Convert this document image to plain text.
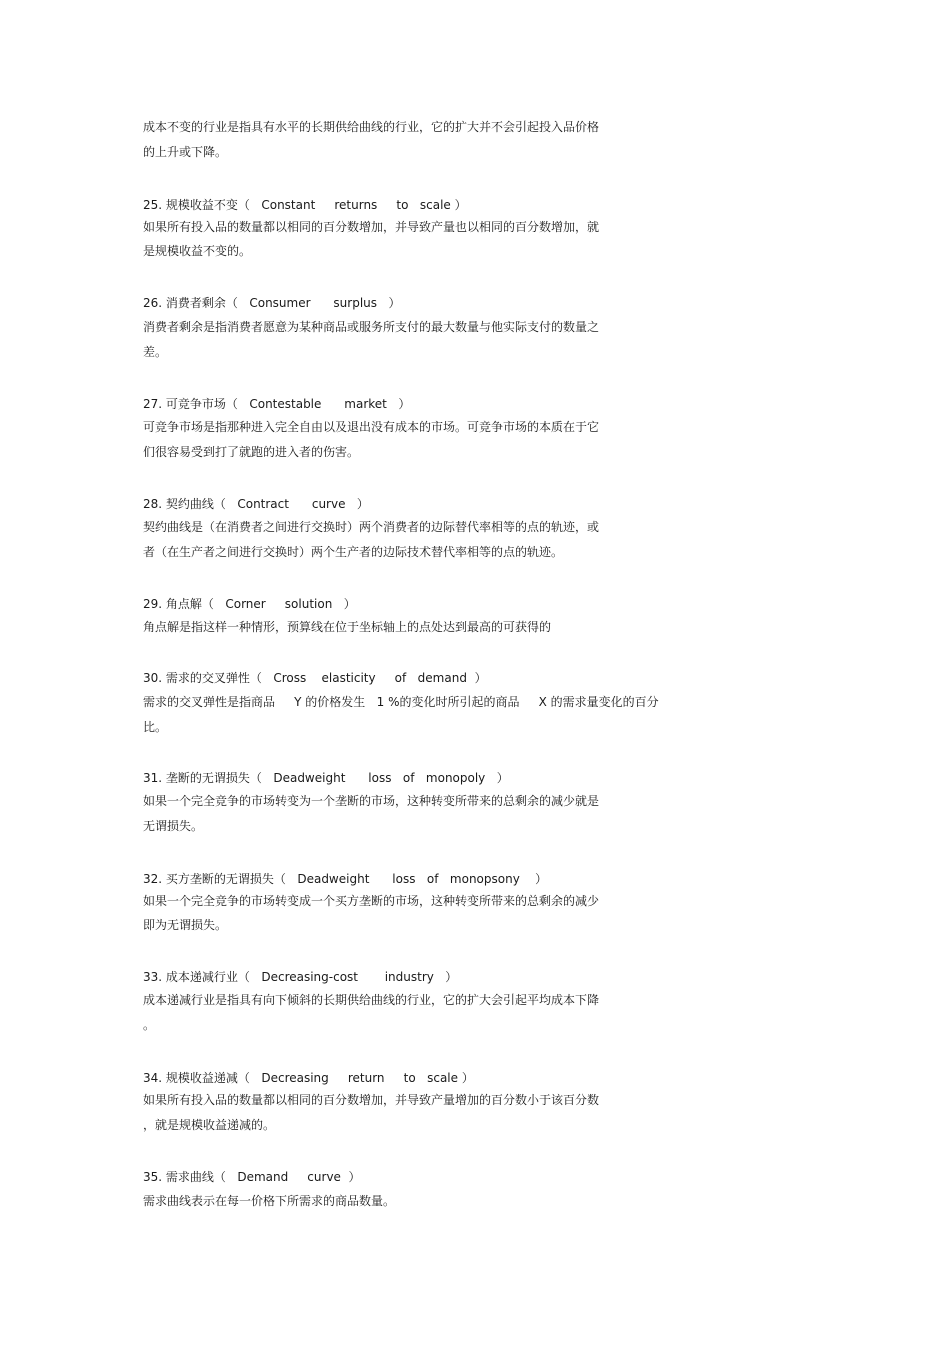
成本不变的行业是指具有水平的长期供给曲线的行业，它的扩大并不会引起投入品价格

的上升或下降。

25. 规模收益不变（   Constant     returns     to   scale ）

如果所有投入品的数量都以相同的百分数增加，并导致产量也以相同的百分数增加，就

是规模收益不变的。

26. 消费者剩余（   Consumer      surplus   ）

消费者剩余是指消费者愿意为某种商品或服务所支付的最大数量与他实际支付的数量之

差。

27. 可竞争市场（   Contestable      market   ）

可竞争市场是指那种进入完全自由以及退出没有成本的市场。可竞争市场的本质在于它

们很容易受到打了就跑的进入者的伤害。

28. 契约曲线（   Contract      curve   ）

契约曲线是（在消费者之间进行交换时）两个消费者的边际替代率相等的点的轨迹，或

者（在生产者之间进行交换时）两个生产者的边际技术替代率相等的点的轨迹。

29. 角点解（   Corner     solution   ）

角点解是指这样一种情形，预算线在位于坐标轴上的点处达到最高的可获得的

30. 需求的交叉弹性（   Cross    elasticity     of   demand  ）

需求的交叉弹性是指商品     Y 的价格发生   1 %的变化时所引起的商品     X 的需求量变化的百分

比。

31. 垄断的无谓损失（   Deadweight      loss   of   monopoly   ）

如果一个完全竞争的市场转变为一个垄断的市场，这种转变所带来的总剩余的减少就是

无谓损失。

32. 买方垄断的无谓损失（   Deadweight      loss   of   monopsony    ）

如果一个完全竞争的市场转变成一个买方垄断的市场，这种转变所带来的总剩余的减少

即为无谓损失。

33. 成本递减行业（   Decreasing-cost       industry   ）

成本递减行业是指具有向下倾斜的长期供给曲线的行业，它的扩大会引起平均成本下降

。

34. 规模收益递减（   Decreasing     return     to   scale ）

如果所有投入品的数量都以相同的百分数增加，并导致产量增加的百分数小于该百分数

，就是规模收益递减的。

35. 需求曲线（   Demand     curve  ）

需求曲线表示在每一价格下所需求的商品数量。
